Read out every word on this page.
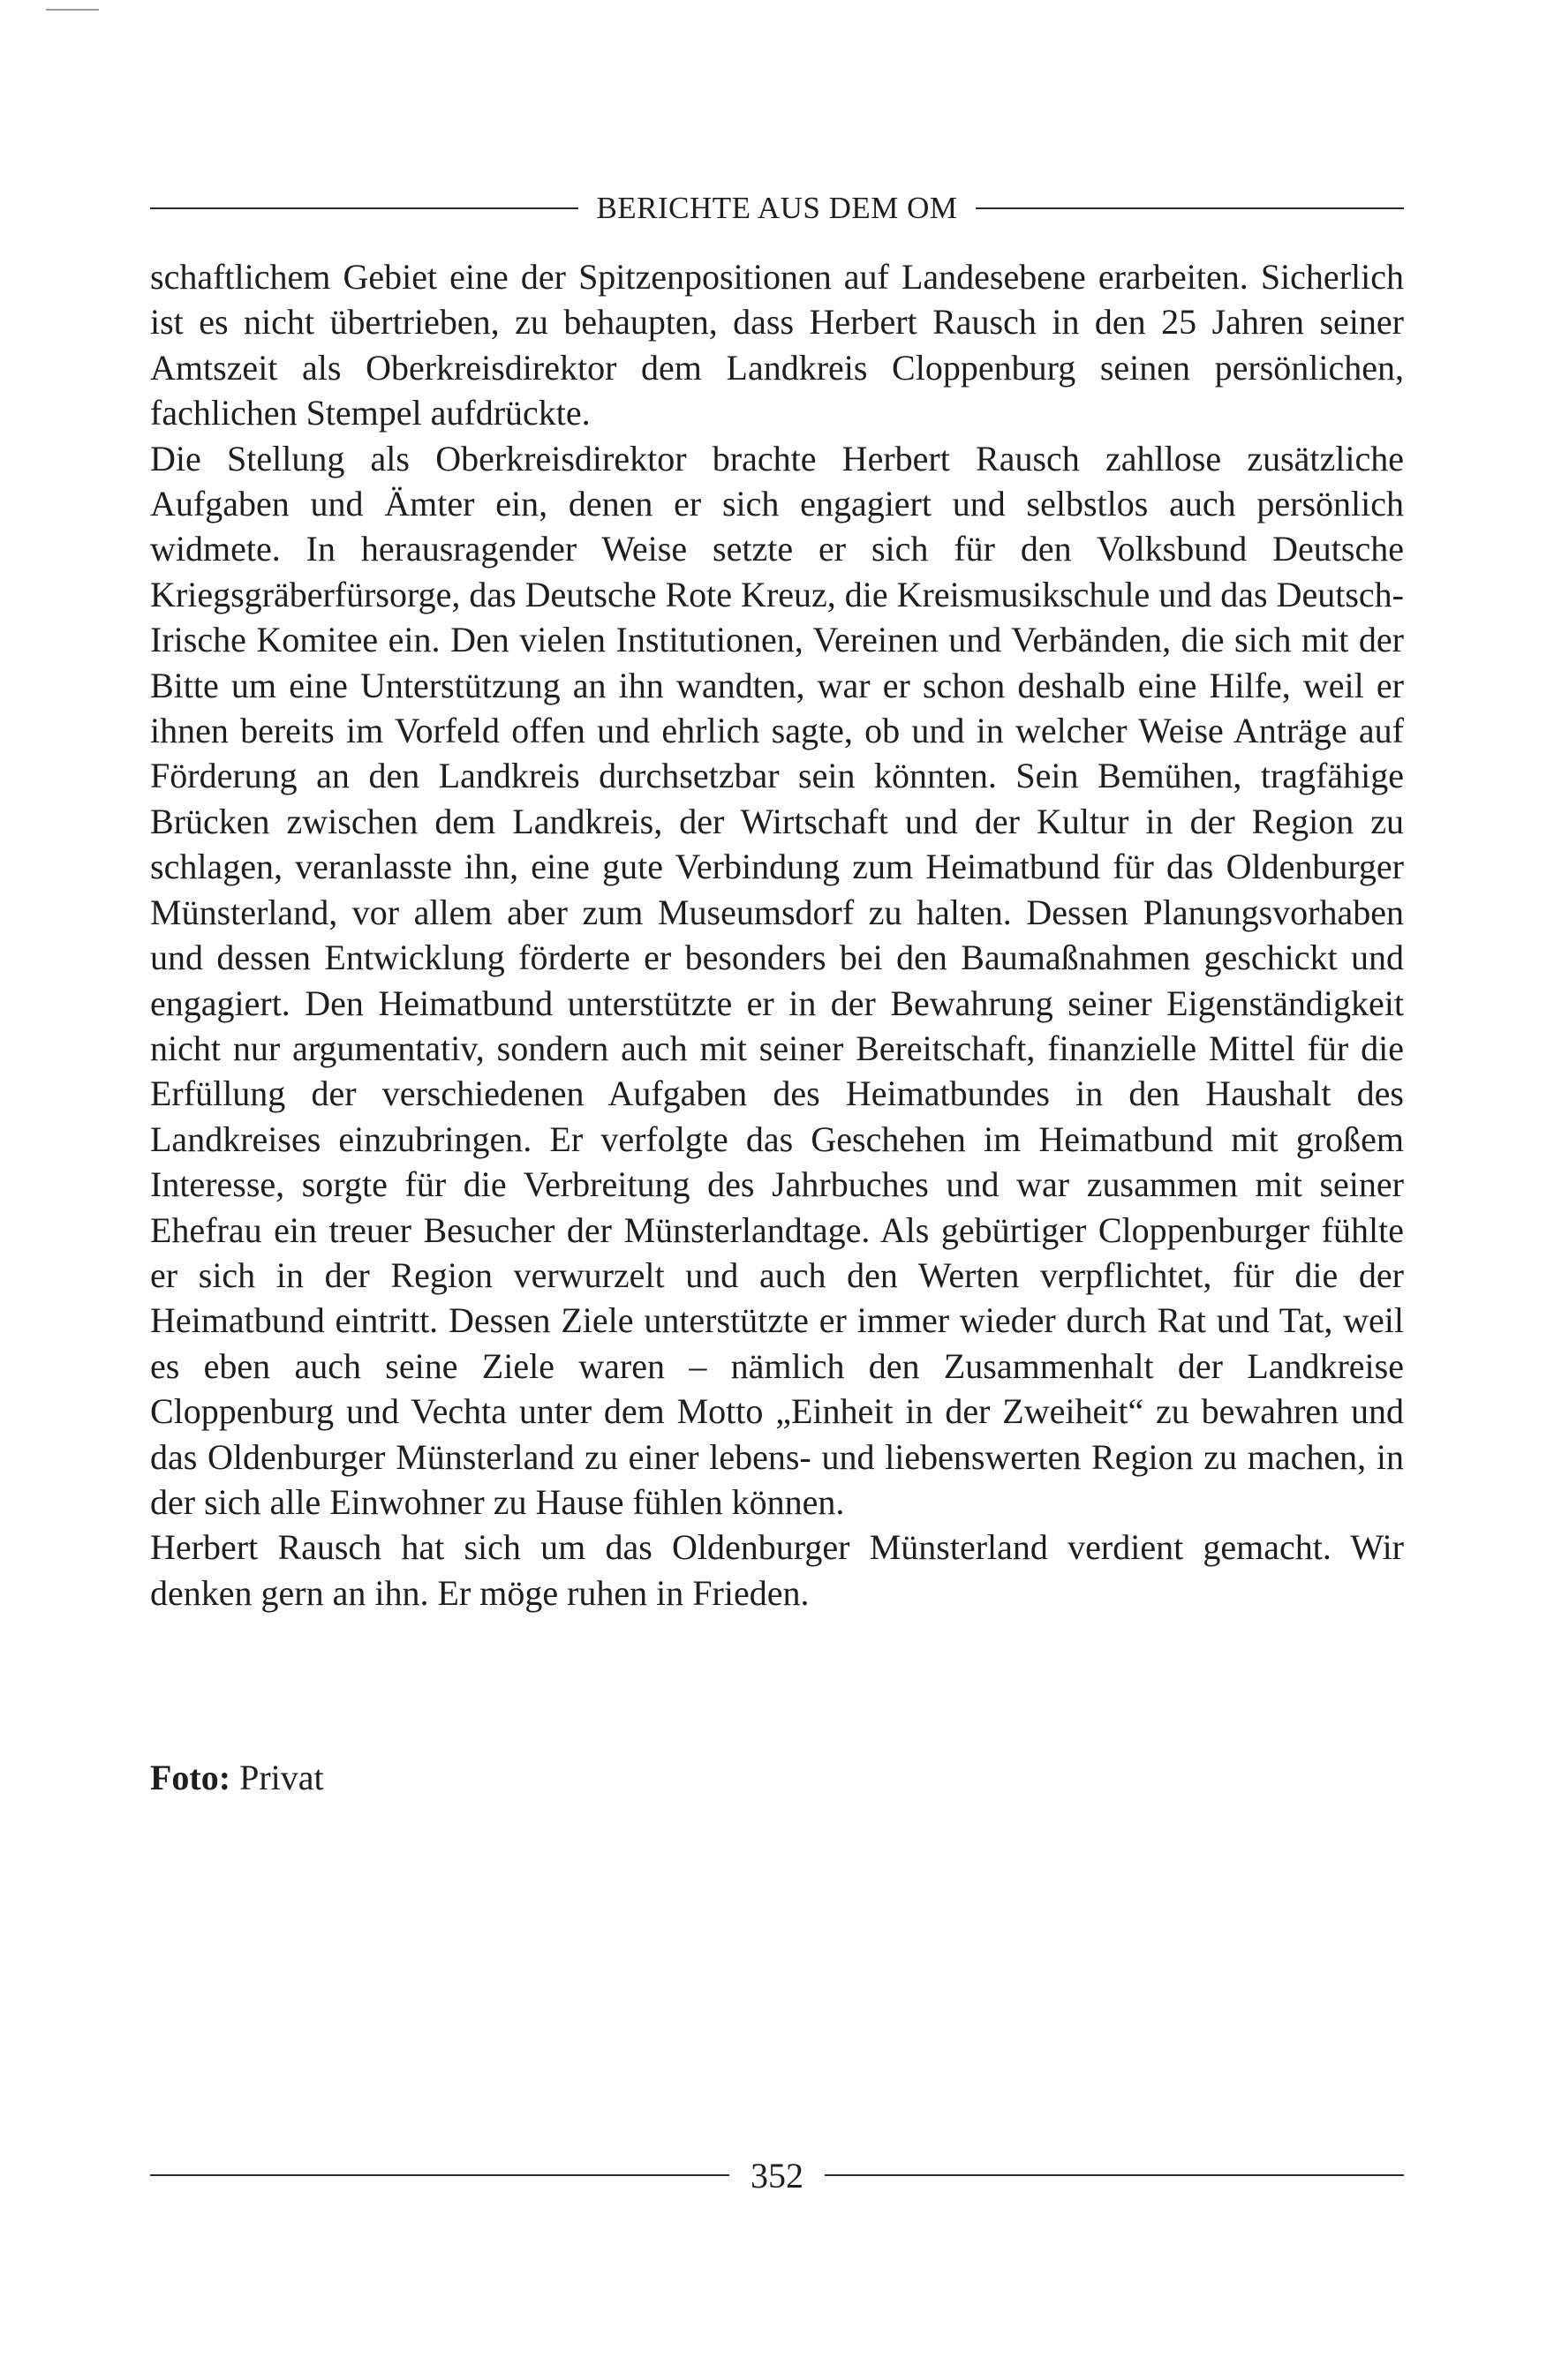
BERICHTE AUS DEM OM

schaftlichem Gebiet eine der Spitzenpositionen auf Landesebene erarbeiten. Sicherlich ist es nicht übertrieben, zu behaupten, dass Herbert Rausch in den 25 Jahren seiner Amtszeit als Oberkreisdirektor dem Landkreis Cloppenburg seinen persönlichen, fachlichen Stempel aufdrückte.

Die Stellung als Oberkreisdirektor brachte Herbert Rausch zahllose zusätzliche Aufgaben und Ämter ein, denen er sich engagiert und selbstlos auch persönlich widmete. In herausragender Weise setzte er sich für den Volksbund Deutsche Kriegsgräberfürsorge, das Deutsche Rote Kreuz, die Kreismusikschule und das Deutsch-Irische Komitee ein. Den vielen Institutionen, Vereinen und Verbänden, die sich mit der Bitte um eine Unterstützung an ihn wandten, war er schon deshalb eine Hilfe, weil er ihnen bereits im Vorfeld offen und ehrlich sagte, ob und in welcher Weise Anträge auf Förderung an den Landkreis durchsetzbar sein könnten. Sein Bemühen, tragfähige Brücken zwischen dem Landkreis, der Wirtschaft und der Kultur in der Region zu schlagen, veranlasste ihn, eine gute Verbindung zum Heimatbund für das Oldenburger Münsterland, vor allem aber zum Museumsdorf zu halten. Dessen Planungsvorhaben und dessen Entwicklung förderte er besonders bei den Baumaßnahmen geschickt und engagiert. Den Heimatbund unterstützte er in der Bewahrung seiner Eigenständigkeit nicht nur argumentativ, sondern auch mit seiner Bereitschaft, finanzielle Mittel für die Erfüllung der verschiedenen Aufgaben des Heimatbundes in den Haushalt des Landkreises einzubringen. Er verfolgte das Geschehen im Heimatbund mit großem Interesse, sorgte für die Verbreitung des Jahrbuches und war zusammen mit seiner Ehefrau ein treuer Besucher der Münsterlandtage. Als gebürtiger Cloppenburger fühlte er sich in der Region verwurzelt und auch den Werten verpflichtet, für die der Heimatbund eintritt. Dessen Ziele unterstützte er immer wieder durch Rat und Tat, weil es eben auch seine Ziele waren – nämlich den Zusammenhalt der Landkreise Cloppenburg und Vechta unter dem Motto „Einheit in der Zweiheit“ zu bewahren und das Oldenburger Münsterland zu einer lebens- und liebenswerten Region zu machen, in der sich alle Einwohner zu Hause fühlen können.

Herbert Rausch hat sich um das Oldenburger Münsterland verdient gemacht. Wir denken gern an ihn. Er möge ruhen in Frieden.

Foto: Privat
352
